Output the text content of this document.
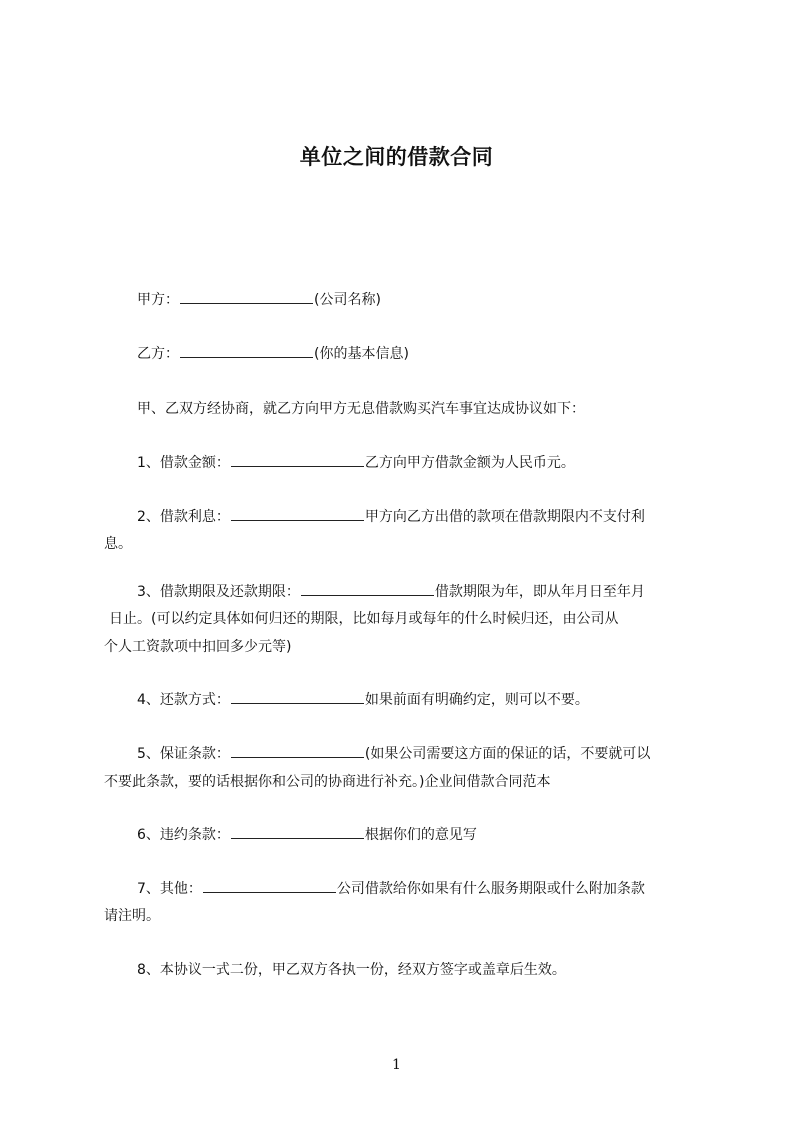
单位之间的借款合同
甲方：	(公司名称)
乙方：	(你的基本信息)
甲、乙双方经协商，就乙方向甲方无息借款购买汽车事宜达成协议如下：
1、借款金额：	乙方向甲方借款金额为人民币元。
2、借款利息：	甲方向乙方出借的款项在借款期限内不支付利
息。
3、借款期限及还款期限：	借款期限为年，即从年月日至年月
日止。(可以约定具体如何归还的期限，比如每月或每年的什么时候归还，由公司从
个人工资款项中扣回多少元等)
4、还款方式：	如果前面有明确约定，则可以不要。
5、保证条款：	(如果公司需要这方面的保证的话，不要就可以
不要此条款，要的话根据你和公司的协商进行补充。)企业间借款合同范本
6、违约条款：	根据你们的意见写
7、其他：	公司借款给你如果有什么服务期限或什么附加条款
请注明。
8、本协议一式二份，甲乙双方各执一份，经双方签字或盖章后生效。
1
